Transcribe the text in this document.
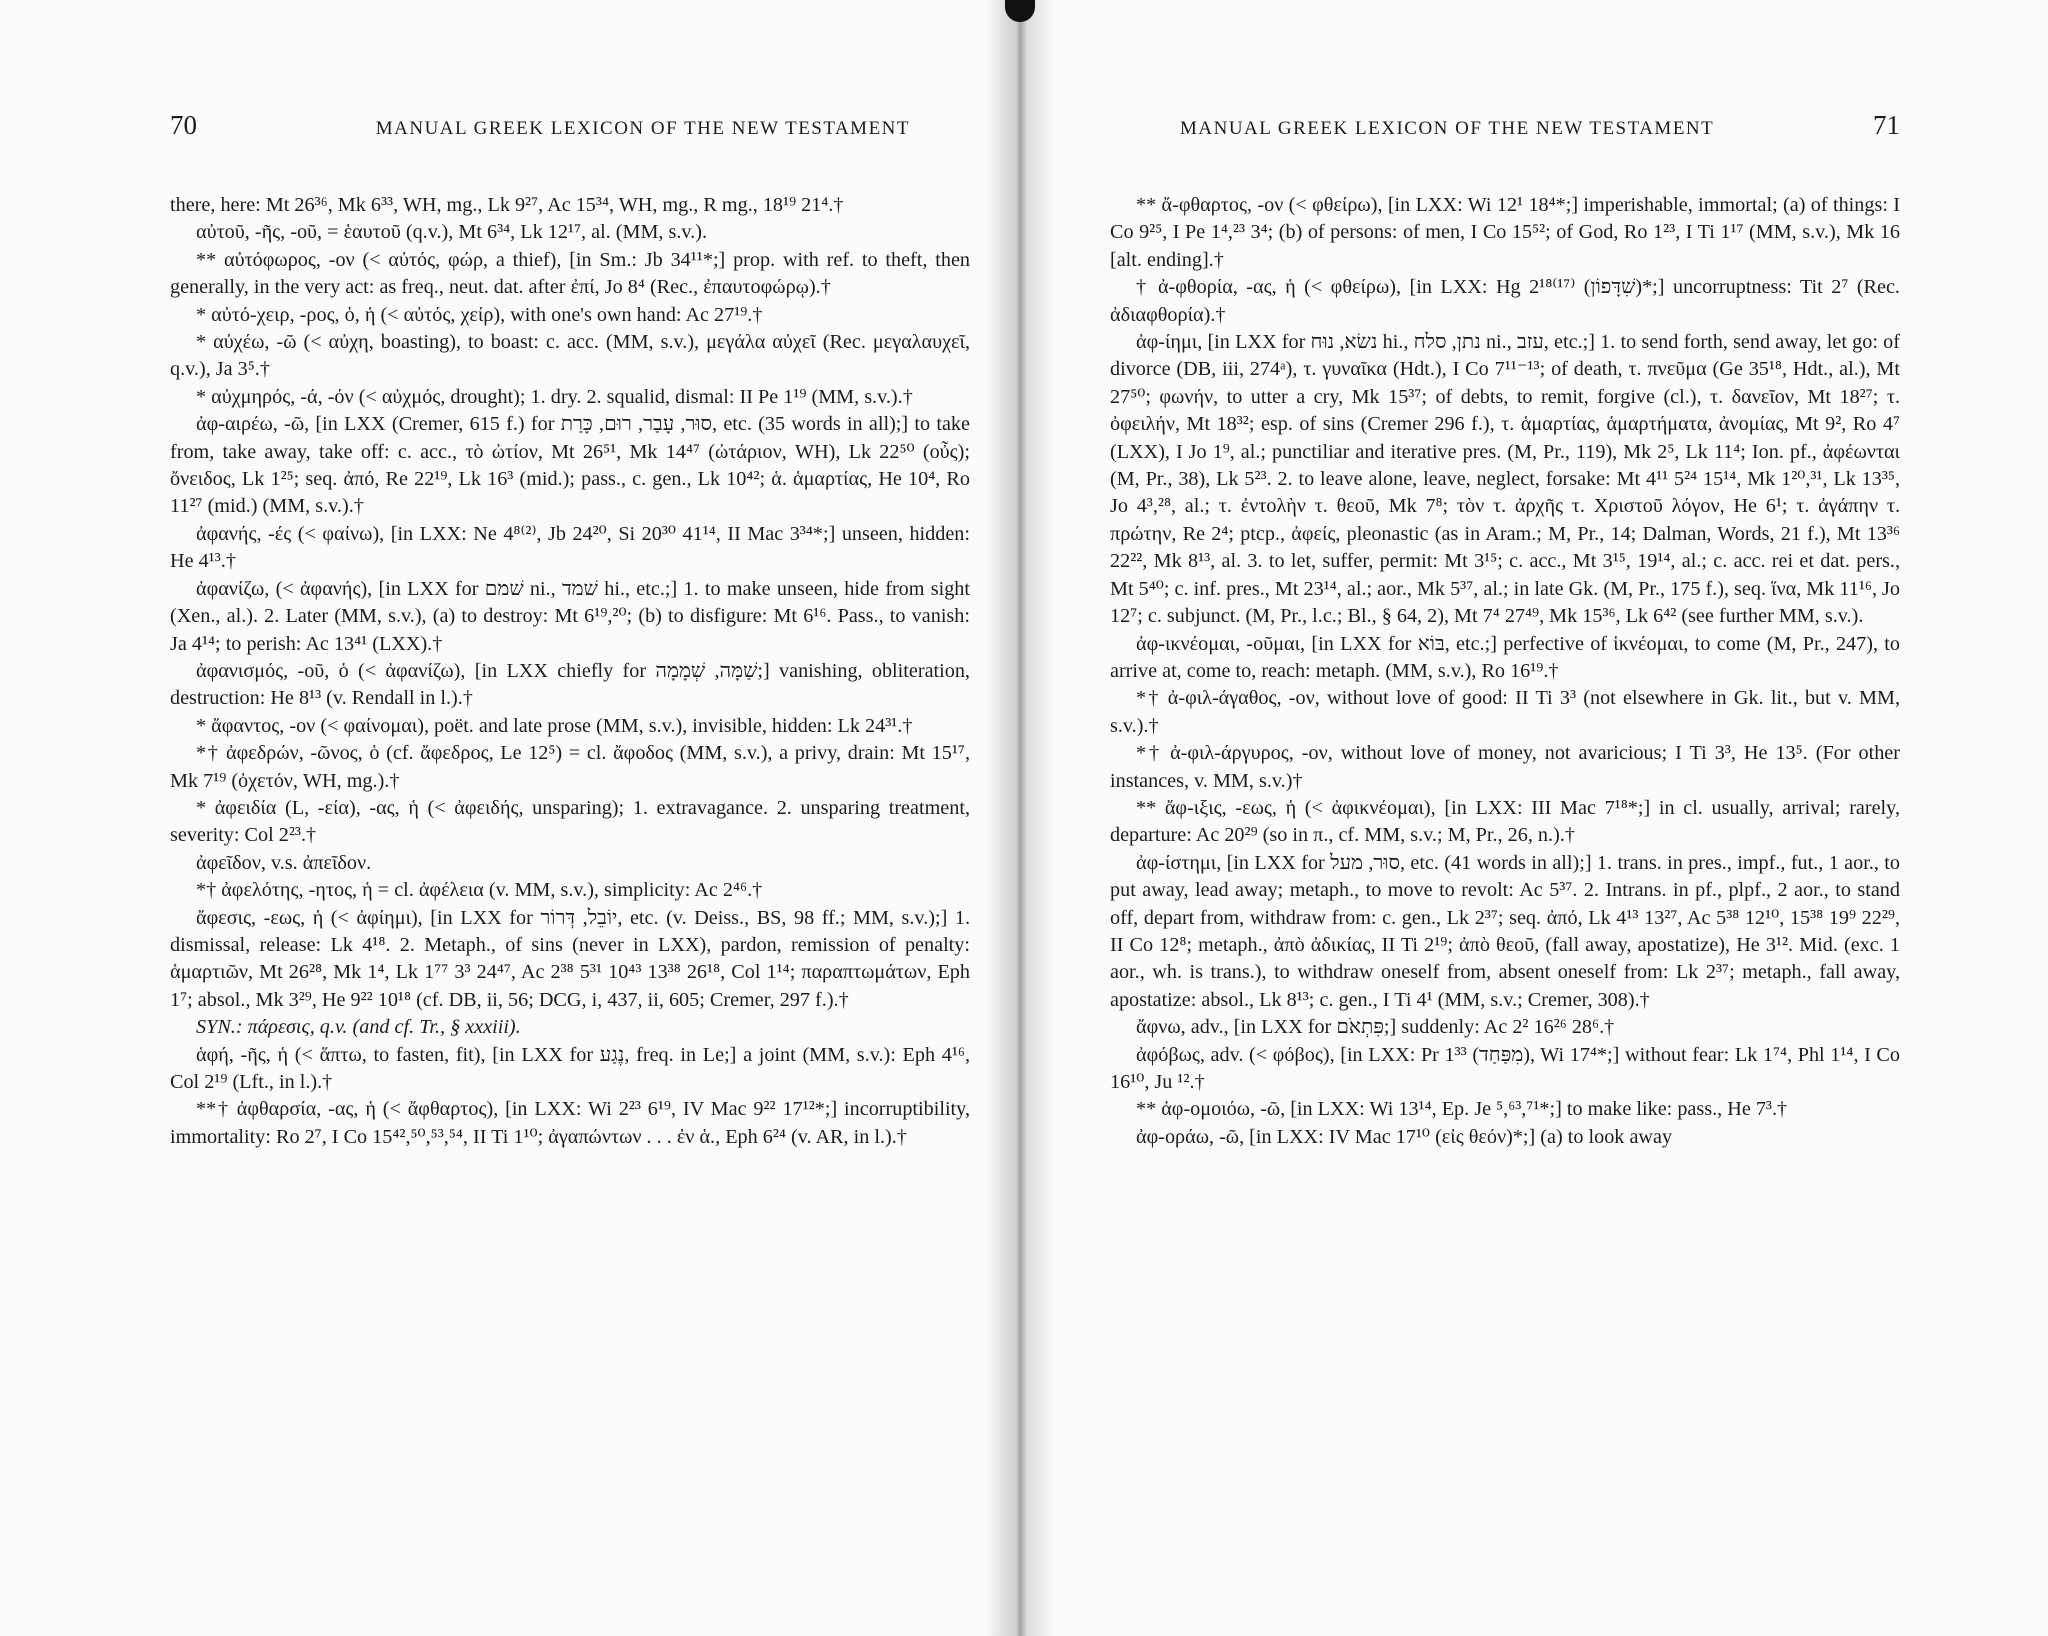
70	MANUAL GREEK LEXICON OF THE NEW TESTAMENT

there, here: Mt 26³⁶, Mk 6³³, WH, mg., Lk 9²⁷, Ac 15³⁴, WH, mg., R mg., 18¹⁹ 21⁴.†

αὐτοῦ, -ῆς, -οῦ, = ἑαυτοῦ (q.v.), Mt 6³⁴, Lk 12¹⁷, al. (MM, s.v.).

** αὐτόφωρος, -ον (< αὐτός, φώρ, a thief), [in Sm.: Jb 34¹¹*;] prop. with ref. to theft, then generally, in the very act: as freq., neut. dat. after ἐπί, Jo 8⁴ (Rec., ἐπαυτοφώρῳ).†

* αὐτό-χειρ, -ρος, ὁ, ἡ (< αὐτός, χείρ), with one's own hand: Ac 27¹⁹.†

* αὐχέω, -ῶ (< αὐχη, boasting), to boast: c. acc. (MM, s.v.), μεγάλα αὐχεῖ (Rec. μεγαλαυχεῖ, q.v.), Ja 3⁵.†

* αὐχμηρός, -ά, -όν (< αὐχμός, drought); 1. dry. 2. squalid, dismal: II Pe 1¹⁹ (MM, s.v.).†

ἀφ-αιρέω, -ῶ, [in LXX (Cremer, 615 f.) for סוּר, עָבַר, רוּם, כָּרַת, etc. (35 words in all);] to take from, take away, take off: c. acc., τὸ ὠτίον, Mt 26⁵¹, Mk 14⁴⁷ (ὠτάριον, WH), Lk 22⁵⁰ (οὖς); ὄνειδος, Lk 1²⁵; seq. ἀπό, Re 22¹⁹, Lk 16³ (mid.); pass., c. gen., Lk 10⁴²; ἁ. ἁμαρτίας, He 10⁴, Ro 11²⁷ (mid.) (MM, s.v.).†

ἀφανής, -ές (< φαίνω), [in LXX: Ne 4⁸⁽²⁾, Jb 24²⁰, Si 20³⁰ 41¹⁴, II Mac 3³⁴*;] unseen, hidden: He 4¹³.†

ἀφανίζω, (< ἀφανής), [in LXX for שׁמם ni., שׁמד hi., etc.;] 1. to make unseen, hide from sight (Xen., al.). 2. Later (MM, s.v.), (a) to destroy: Mt 6¹⁹,²⁰; (b) to disfigure: Mt 6¹⁶. Pass., to vanish: Ja 4¹⁴; to perish: Ac 13⁴¹ (LXX).†

ἀφανισμός, -οῦ, ὁ (< ἀφανίζω), [in LXX chiefly for שַׁמָּה, שְׁמָמָה;] vanishing, obliteration, destruction: He 8¹³ (v. Rendall in l.).†

* ἄφαντος, -ον (< φαίνομαι), poët. and late prose (MM, s.v.), invisible, hidden: Lk 24³¹.†

*† ἀφεδρών, -ῶνος, ὁ (cf. ἄφεδρος, Le 12⁵) = cl. ἄφοδος (MM, s.v.), a privy, drain: Mt 15¹⁷, Mk 7¹⁹ (ὀχετόν, WH, mg.).†

* ἀφειδία (L, -εία), -ας, ἡ (< ἀφειδής, unsparing); 1. extravagance. 2. unsparing treatment, severity: Col 2²³.†

ἀφεῖδον, v.s. ἀπεῖδον.

*† ἀφελότης, -ητος, ἡ = cl. ἀφέλεια (v. MM, s.v.), simplicity: Ac 2⁴⁶.†

ἄφεσις, -εως, ἡ (< ἀφίημι), [in LXX for יוֹבֵל, דְּרוֹר, etc. (v. Deiss., BS, 98 ff.; MM, s.v.);] 1. dismissal, release: Lk 4¹⁸. 2. Metaph., of sins (never in LXX), pardon, remission of penalty: ἁμαρτιῶν, Mt 26²⁸, Mk 1⁴, Lk 1⁷⁷ 3³ 24⁴⁷, Ac 2³⁸ 5³¹ 10⁴³ 13³⁸ 26¹⁸, Col 1¹⁴; παραπτωμάτων, Eph 1⁷; absol., Mk 3²⁹, He 9²² 10¹⁸ (cf. DB, ii, 56; DCG, i, 437, ii, 605; Cremer, 297 f.).†

SYN.: πάρεσις, q.v. (and cf. Tr., § xxxiii).

ἁφή, -ῆς, ἡ (< ἅπτω, to fasten, fit), [in LXX for נֶגַע, freq. in Le;] a joint (MM, s.v.): Eph 4¹⁶, Col 2¹⁹ (Lft., in l.).†

**† ἀφθαρσία, -ας, ἡ (< ἄφθαρτος), [in LXX: Wi 2²³ 6¹⁹, IV Mac 9²² 17¹²*;] incorruptibility, immortality: Ro 2⁷, I Co 15⁴²,⁵⁰,⁵³,⁵⁴, II Ti 1¹⁰; ἀγαπώντων . . . ἐν ἁ., Eph 6²⁴ (v. AR, in l.).†

MANUAL GREEK LEXICON OF THE NEW TESTAMENT	71

** ἄ-φθαρτος, -ον (< φθείρω), [in LXX: Wi 12¹ 18⁴*;] imperishable, immortal; (a) of things: I Co 9²⁵, I Pe 1⁴,²³ 3⁴; (b) of persons: of men, I Co 15⁵²; of God, Ro 1²³, I Ti 1¹⁷ (MM, s.v.), Mk 16 [alt. ending].†

† ἀ-φθορία, -ας, ἡ (< φθείρω), [in LXX: Hg 2¹⁸⁽¹⁷⁾ (שִׁדָּפוֹן)*;] uncorruptness: Tit 2⁷ (Rec. ἀδιαφθορία).†

ἀφ-ίημι, [in LXX for נשׂא, נוּח hi., נתן, סלח ni., עזב, etc.;] 1. to send forth, send away, let go: of divorce (DB, iii, 274ᵃ), τ. γυναῖκα (Hdt.), I Co 7¹¹⁻¹³; of death, τ. πνεῦμα (Ge 35¹⁸, Hdt., al.), Mt 27⁵⁰; φωνήν, to utter a cry, Mk 15³⁷; of debts, to remit, forgive (cl.), τ. δανεῖον, Mt 18²⁷; τ. ὀφειλήν, Mt 18³²; esp. of sins (Cremer 296 f.), τ. ἁμαρτίας, ἁμαρτήματα, ἀνομίας, Mt 9², Ro 4⁷ (LXX), I Jo 1⁹, al.; punctiliar and iterative pres. (M, Pr., 119), Mk 2⁵, Lk 11⁴; Ion. pf., ἀφέωνται (M, Pr., 38), Lk 5²³. 2. to leave alone, leave, neglect, forsake: Mt 4¹¹ 5²⁴ 15¹⁴, Mk 1²⁰,³¹, Lk 13³⁵, Jo 4³,²⁸, al.; τ. ἐντολὴν τ. θεοῦ, Mk 7⁸; τὸν τ. ἀρχῆς τ. Χριστοῦ λόγον, He 6¹; τ. ἀγάπην τ. πρώτην, Re 2⁴; ptcp., ἀφείς, pleonastic (as in Aram.; M, Pr., 14; Dalman, Words, 21 f.), Mt 13³⁶ 22²², Mk 8¹³, al. 3. to let, suffer, permit: Mt 3¹⁵; c. acc., Mt 3¹⁵, 19¹⁴, al.; c. acc. rei et dat. pers., Mt 5⁴⁰; c. inf. pres., Mt 23¹⁴, al.; aor., Mk 5³⁷, al.; in late Gk. (M, Pr., 175 f.), seq. ἵνα, Mk 11¹⁶, Jo 12⁷; c. subjunct. (M, Pr., l.c.; Bl., § 64, 2), Mt 7⁴ 27⁴⁹, Mk 15³⁶, Lk 6⁴² (see further MM, s.v.).

ἀφ-ικνέομαι, -οῦμαι, [in LXX for בּוֹא, etc.;] perfective of ἱκνέομαι, to come (M, Pr., 247), to arrive at, come to, reach: metaph. (MM, s.v.), Ro 16¹⁹.†

*† ἀ-φιλ-άγαθος, -ον, without love of good: II Ti 3³ (not elsewhere in Gk. lit., but v. MM, s.v.).†

*† ἀ-φιλ-άργυρος, -ον, without love of money, not avaricious; I Ti 3³, He 13⁵. (For other instances, v. MM, s.v.)†

** ἄφ-ιξις, -εως, ἡ (< ἀφικνέομαι), [in LXX: III Mac 7¹⁸*;] in cl. usually, arrival; rarely, departure: Ac 20²⁹ (so in π., cf. MM, s.v.; M, Pr., 26, n.).†

ἀφ-ίστημι, [in LXX for סוּר, מעל, etc. (41 words in all);] 1. trans. in pres., impf., fut., 1 aor., to put away, lead away; metaph., to move to revolt: Ac 5³⁷. 2. Intrans. in pf., plpf., 2 aor., to stand off, depart from, withdraw from: c. gen., Lk 2³⁷; seq. ἀπό, Lk 4¹³ 13²⁷, Ac 5³⁸ 12¹⁰, 15³⁸ 19⁹ 22²⁹, II Co 12⁸; metaph., ἀπὸ ἀδικίας, II Ti 2¹⁹; ἀπὸ θεοῦ, (fall away, apostatize), He 3¹². Mid. (exc. 1 aor., wh. is trans.), to withdraw oneself from, absent oneself from: Lk 2³⁷; metaph., fall away, apostatize: absol., Lk 8¹³; c. gen., I Ti 4¹ (MM, s.v.; Cremer, 308).†

ἄφνω, adv., [in LXX for פִּתְאֹם;] suddenly: Ac 2² 16²⁶ 28⁶.†

ἀφόβως, adv. (< φόβος), [in LXX: Pr 1³³ (מִפַּחַד), Wi 17⁴*;] without fear: Lk 1⁷⁴, Phl 1¹⁴, I Co 16¹⁰, Ju ¹².†

** ἀφ-ομοιόω, -ῶ, [in LXX: Wi 13¹⁴, Ep. Je ⁵,⁶³,⁷¹*;] to make like: pass., He 7³.†

ἀφ-οράω, -ῶ, [in LXX: IV Mac 17¹⁰ (εἰς θεόν)*;] (a) to look away
